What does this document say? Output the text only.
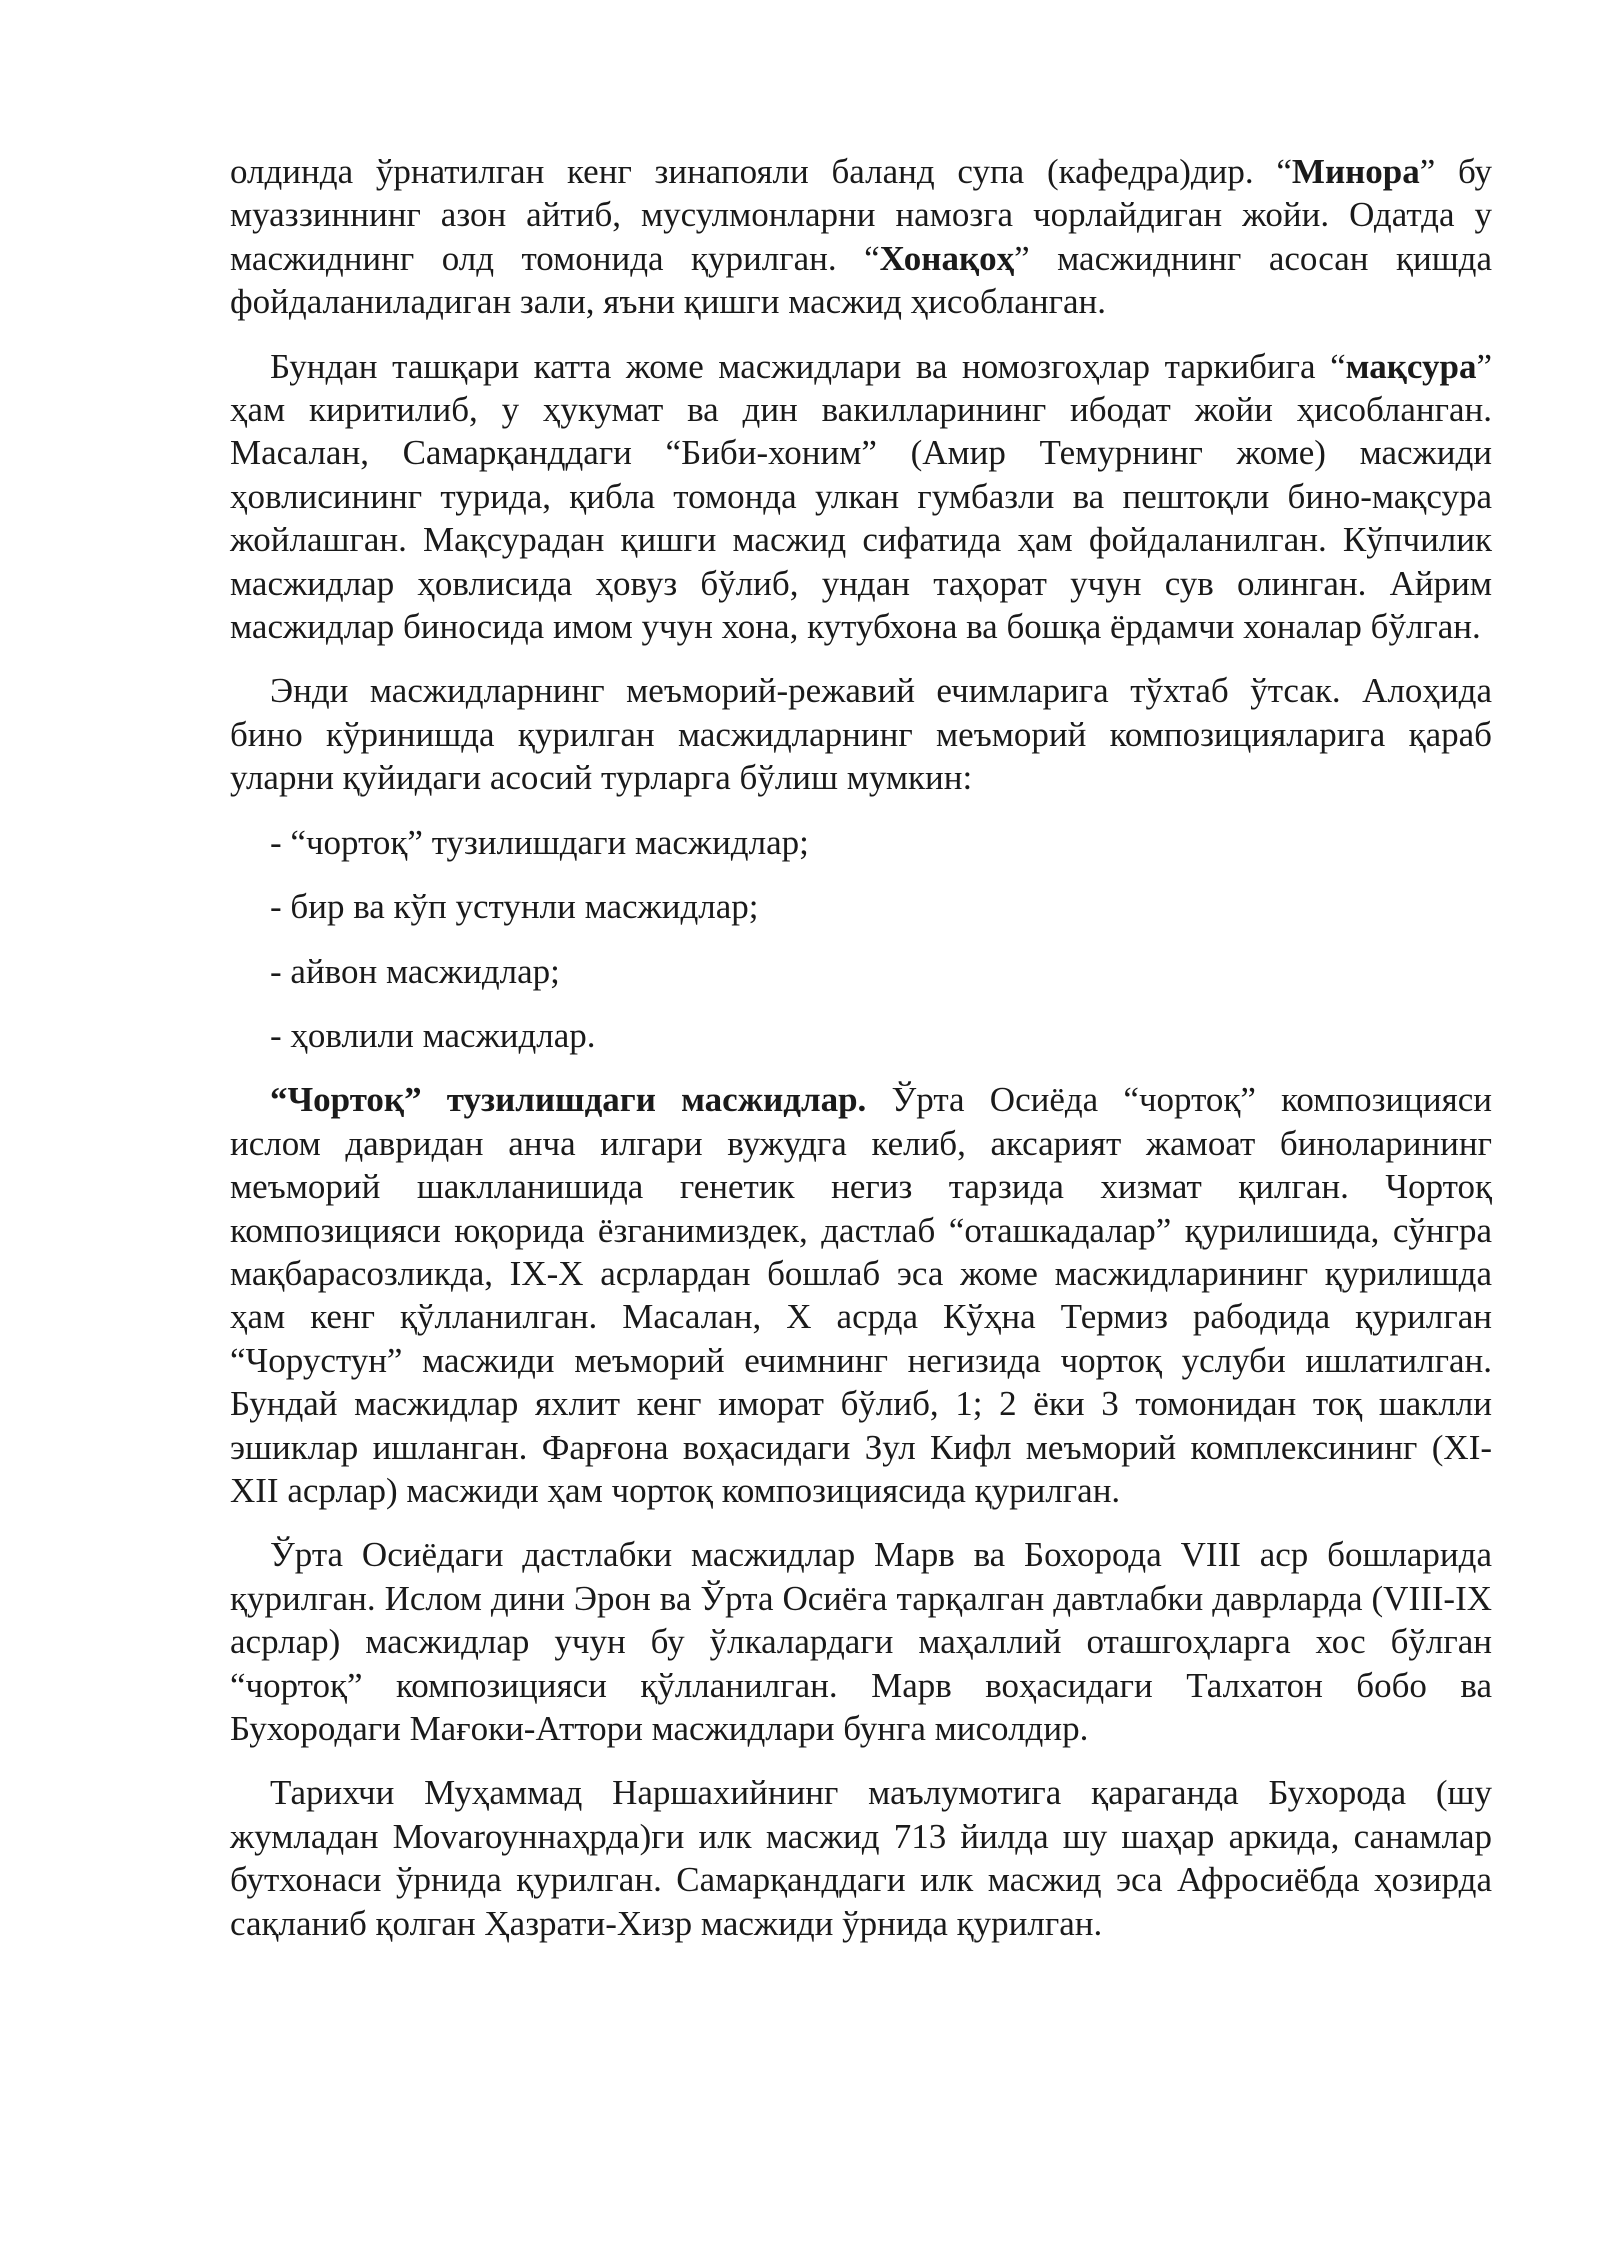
олдинда ўрнатилган кенг зинапояли баланд супа (кафедра)дир. “Минора” бу муаззиннинг азон айтиб, мусулмонларни намозга чорлайдиган жойи. Одатда у масжиднинг олд томонида қурилган. “Хонақоҳ” масжиднинг асосан қишда фойдаланиладиган зали, яъни қишги масжид ҳисобланган.

Бундан ташқари катта жоме масжидлари ва номозгоҳлар таркибига “мақсура” ҳам киритилиб, у ҳукумат ва дин вакилларининг ибодат жойи ҳисобланган. Масалан, Самарқанддаги “Биби-хоним” (Амир Темурнинг жоме) масжиди ҳовлисининг турида, қибла томонда улкан гумбазли ва пештоқли бино-мақсура жойлашган. Мақсурадан қишги масжид сифатида ҳам фойдаланилган. Кўпчилик масжидлар ҳовлисида ҳовуз бўлиб, ундан таҳорат учун сув олинган. Айрим масжидлар биносида имом учун хона, кутубхона ва бошқа ёрдамчи хоналар бўлган.

Энди масжидларнинг меъморий-режавий ечимларига тўхтаб ўтсак. Алоҳида бино кўринишда қурилган масжидларнинг меъморий композицияларига қараб уларни қуйидаги асосий турларга бўлиш мумкин:

- “чортоқ” тузилишдаги масжидлар;
- бир ва кўп устунли масжидлар;
- айвон масжидлар;
- ҳовлили масжидлар.

“Чортоқ” тузилишдаги масжидлар. Ўрта Осиёда “чортоқ” композицияси ислом давридан анча илгари вужудга келиб, аксарият жамоат биноларининг меъморий шаклланишида генетик негиз тарзида хизмат қилган. Чортоқ композицияси юқорида ёзганимиздек, дастлаб “оташкадалар” қурилишида, сўнгра мақбарасозликда, IX-X асрлардан бошлаб эса жоме масжидларининг қурилишда ҳам кенг қўлланилган. Масалан, X асрда Кўҳна Термиз рабодида қурилган “Чорустун” масжиди меъморий ечимнинг негизида чортоқ услуби ишлатилган. Бундай масжидлар яхлит кенг иморат бўлиб, 1; 2 ёки 3 томонидан тоқ шаклли эшиклар ишланган. Фарғона воҳасидаги Зул Кифл меъморий комплексининг (XI-XII асрлар) масжиди ҳам чортоқ композициясида қурилган.

Ўрта Осиёдаги дастлабки масжидлар Марв ва Бохорода VIII аср бошларида қурилган. Ислом дини Эрон ва Ўрта Осиёга тарқалган давтлабки даврларда (VIII-IX асрлар) масжидлар учун бу ўлкалардаги маҳаллий оташгоҳларга хос бўлган “чортоқ” композицияси қўлланилган. Марв воҳасидаги Талхатон бобо ва Бухородаги Мағоки-Аттори масжидлари бунга мисолдир.

Тарихчи Муҳаммад Наршахийнинг маълумотига қараганда Бухорода (шу жумладан Моvarоуннаҳрда)ги илк масжид 713 йилда шу шаҳар аркида, санамлар бутхонаси ўрнида қурилган. Самарқанддаги илк масжид эса Афросиёбда ҳозирда сақланиб қолган Ҳазрати-Хизр масжиди ўрнида қурилган.
